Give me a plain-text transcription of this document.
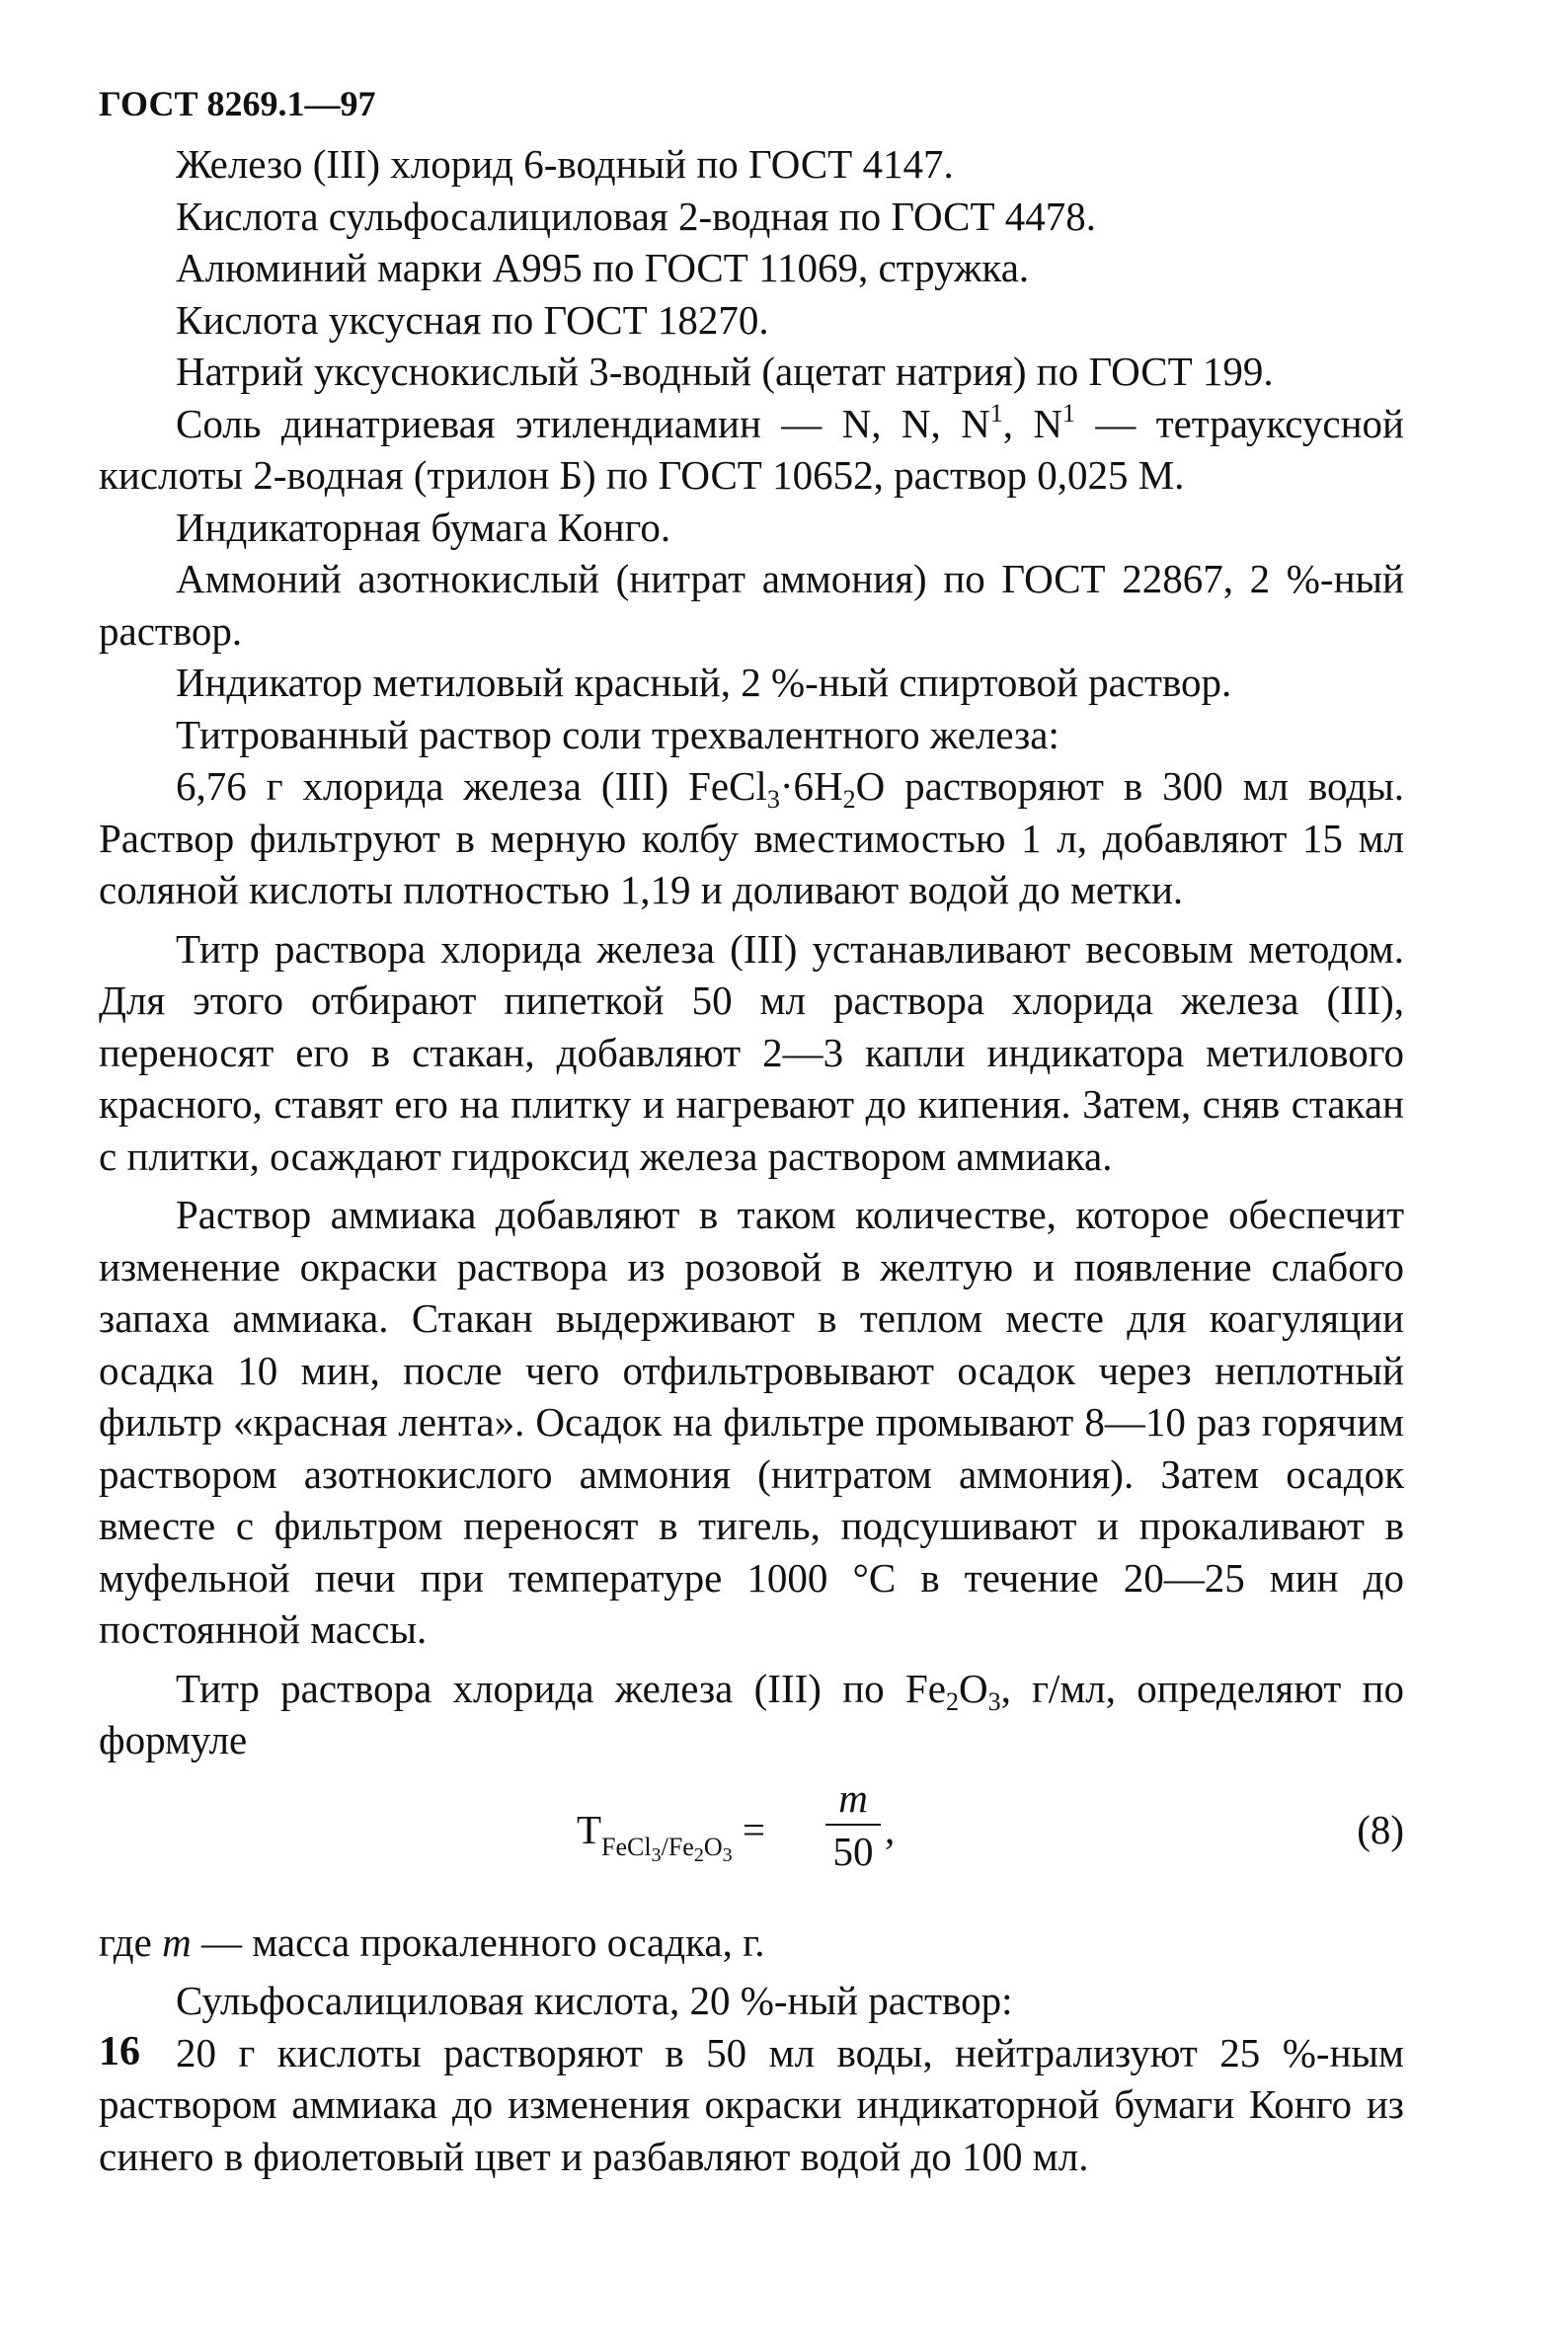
ГОСТ 8269.1—97

Железо (III) хлорид 6-водный по ГОСТ 4147.

Кислота сульфосалициловая 2-водная по ГОСТ 4478.

Алюминий марки А995 по ГОСТ 11069, стружка.

Кислота уксусная по ГОСТ 18270.

Натрий уксуснокислый 3-водный (ацетат натрия) по ГОСТ 199.

Соль динатриевая этилендиамин — N, N, $N^1$, $N^1$ — тетрауксусной кислоты 2-водная (трилон Б) по ГОСТ 10652, раствор 0,025 М.

Индикаторная бумага Конго.

Аммоний азотнокислый (нитрат аммония) по ГОСТ 22867, 2 %-ный раствор.

Индикатор метиловый красный, 2 %-ный спиртовой раствор.

Титрованный раствор соли трехвалентного железа:

6,76 г хлорида железа (III) $FeCl_3\cdot 6H_2O$ растворяют в 300 мл воды. Раствор фильтруют в мерную колбу вместимостью 1 л, добавляют 15 мл соляной кислоты плотностью 1,19 и доливают водой до метки.

Титр раствора хлорида железа (III) устанавливают весовым методом. Для этого отбирают пипеткой 50 мл раствора хлорида железа (III), переносят его в стакан, добавляют 2—3 капли индикатора метилового красного, ставят его на плитку и нагревают до кипения. Затем, сняв стакан с плитки, осаждают гидроксид железа раствором аммиака.

Раствор аммиака добавляют в таком количестве, которое обеспечит изменение окраски раствора из розовой в желтую и появление слабого запаха аммиака. Стакан выдерживают в теплом месте для коагуляции осадка 10 мин, после чего отфильтровывают осадок через неплотный фильтр «красная лента». Осадок на фильтре промывают 8—10 раз горячим раствором азотнокислого аммония (нитратом аммония). Затем осадок вместе с фильтром переносят в тигель, подсушивают и прокаливают в муфельной печи при температуре 1000 °С в течение 20—25 мин до постоянной массы.

Титр раствора хлорида железа (III) по $Fe_2O_3$, г/мл, определяют по формуле

$T_{FeCl_3/Fe_2O_3}$ =
m
50 ,	(8)

где m — масса прокаленного осадка, г.

Сульфосалициловая кислота, 20 %-ный раствор:

20 г кислоты растворяют в 50 мл воды, нейтрализуют 25 %-ным раствором аммиака до изменения окраски индикаторной бумаги Конго из синего в фиолетовый цвет и разбавляют водой до 100 мл.

16
